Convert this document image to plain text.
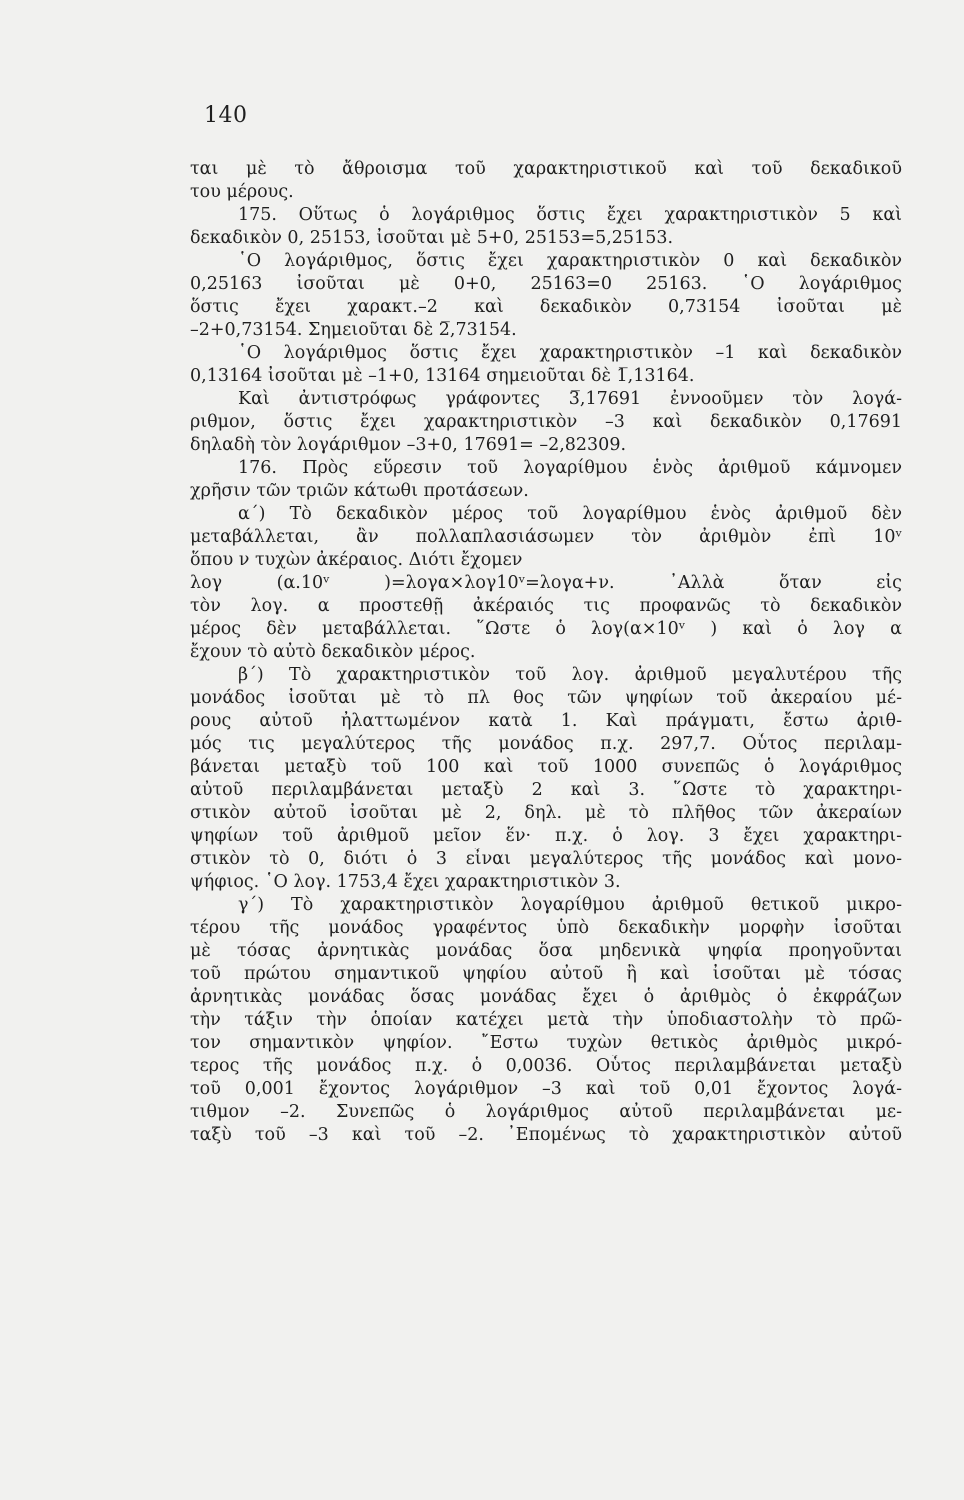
140
ται μὲ τὸ ἄθροισμα τοῦ χαρακτηριστικοῦ καὶ τοῦ δεκαδικοῦ
του μέρους.
175. Οὕτως ὁ λογάριθμος ὅστις ἔχει χαρακτηριστικὸν 5 καὶ
δεκαδικὸν 0, 25153, ἰσοῦται μὲ 5+0, 25153=5,25153.
῾Ο λογάριθμος, ὅστις ἔχει χαρακτηριστικὸν 0 καὶ δεκαδικὸν
0,25163 ἰσοῦται μὲ 0+0, 25163=0 25163. ῾Ο λογάριθμος
ὅστις ἔχει χαρακτ.–2 καὶ δεκαδικὸν 0,73154 ἰσοῦται μὲ
–2+0,73154. Σημειοῦται δὲ 2̅,73154.
῾Ο λογάριθμος ὅστις ἔχει χαρακτηριστικὸν –1 καὶ δεκαδικὸν
0,13164 ἰσοῦται μὲ –1+0, 13164 σημειοῦται δὲ 1̅,13164.
Καὶ ἀντιστρόφως γράφοντες 3̅,17691 ἐννοοῦμεν τὸν λογά-
ριθμον, ὅστις ἔχει χαρακτηριστικὸν –3 καὶ δεκαδικὸν 0,17691
δηλαδὴ τὸν λογάριθμον –3+0, 17691= –2,82309.
176. Πρὸς εὕρεσιν τοῦ λογαρίθμου ἑνὸς ἀριθμοῦ κάμνομεν
χρῆσιν τῶν τριῶν κάτωθι προτάσεων.
α΄) Τὸ δεκαδικὸν μέρος τοῦ λογαρίθμου ἑνὸς ἀριθμοῦ δὲν
μεταβάλλεται, ἂν πολλαπλασιάσωμεν τὸν ἀριθμὸν ἐπὶ 10ᵛ
ὅπου ν τυχὼν ἀκέραιος. Διότι ἔχομεν
λογ (α.10ᵛ )=λογα×λογ10ᵛ=λογα+ν. ᾿Αλλὰ ὅταν εἰς
τὸν λογ. α προστεθῇ ἀκέραιός τις προφανῶς τὸ δεκαδικὸν
μέρος δὲν μεταβάλλεται. ῞Ωστε ὁ λογ(α×10ᵛ ) καὶ ὁ λογ α
ἔχουν τὸ αὐτὸ δεκαδικὸν μέρος.
β΄) Τὸ χαρακτηριστικὸν τοῦ λογ. ἀριθμοῦ μεγαλυτέρου τῆς
μονάδος ἰσοῦται μὲ τὸ πλ θος τῶν ψηφίων τοῦ ἀκεραίου μέ-
ρους αὐτοῦ ἠλαττωμένον κατὰ 1. Καὶ πράγματι, ἔστω ἀριθ-
μός τις μεγαλύτερος τῆς μονάδος π.χ. 297,7. Οὗτος περιλαμ-
βάνεται μεταξὺ τοῦ 100 καὶ τοῦ 1000 συνεπῶς ὁ λογάριθμος
αὐτοῦ περιλαμβάνεται μεταξὺ 2 καὶ 3. ῞Ωστε τὸ χαρακτηρι-
στικὸν αὐτοῦ ἰσοῦται μὲ 2, δηλ. μὲ τὸ πλῆθος τῶν ἀκεραίων
ψηφίων τοῦ ἀριθμοῦ μεῖον ἕν· π.χ. ὁ λογ. 3 ἔχει χαρακτηρι-
στικὸν τὸ 0, διότι ὁ 3 εἶναι μεγαλύτερος τῆς μονάδος καὶ μονο-
ψήφιος. ῾Ο λογ. 1753,4 ἔχει χαρακτηριστικὸν 3.
γ΄) Τὸ χαρακτηριστικὸν λογαρίθμου ἀριθμοῦ θετικοῦ μικρο-
τέρου τῆς μονάδος γραφέντος ὑπὸ δεκαδικὴν μορφὴν ἰσοῦται
μὲ τόσας ἀρνητικὰς μονάδας ὅσα μηδενικὰ ψηφία προηγοῦνται
τοῦ πρώτου σημαντικοῦ ψηφίου αὐτοῦ ἢ καὶ ἰσοῦται μὲ τόσας
ἀρνητικὰς μονάδας ὅσας μονάδας ἔχει ὁ ἀριθμὸς ὁ ἐκφράζων
τὴν τάξιν τὴν ὁποίαν κατέχει μετὰ τὴν ὑποδιαστολὴν τὸ πρῶ-
τον σημαντικὸν ψηφίον. ῎Εστω τυχὼν θετικὸς ἀριθμὸς μικρό-
τερος τῆς μονάδος π.χ. ὁ 0,0036. Οὗτος περιλαμβάνεται μεταξὺ
τοῦ 0,001 ἔχοντος λογάριθμον –3 καὶ τοῦ 0,01 ἔχοντος λογά-
τιθμον –2. Συνεπῶς ὁ λογάριθμος αὐτοῦ περιλαμβάνεται με-
ταξὺ τοῦ –3 καὶ τοῦ –2. ᾿Επομένως τὸ χαρακτηριστικὸν αὐτοῦ
